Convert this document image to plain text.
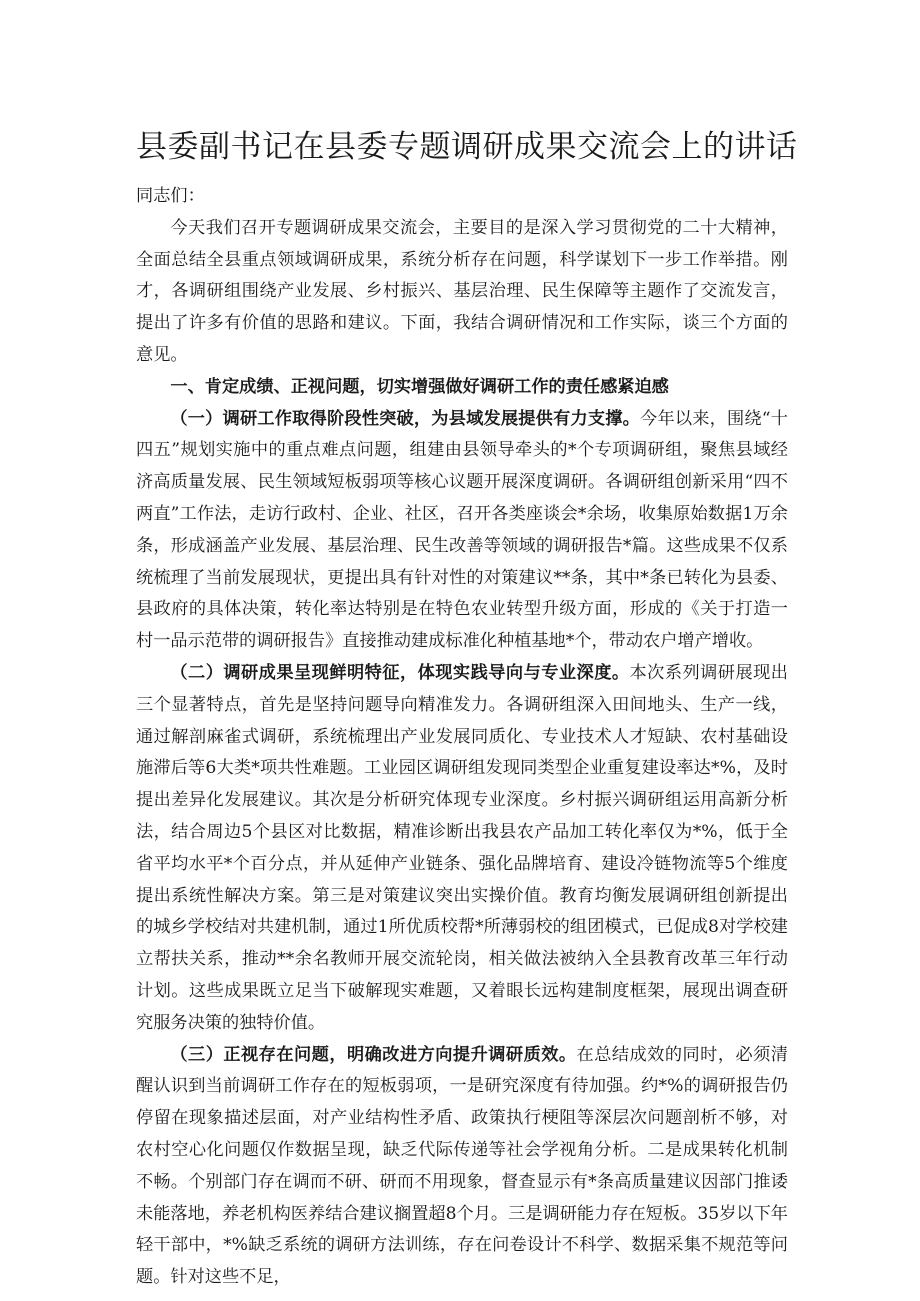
县委副书记在县委专题调研成果交流会上的讲话

同志们：

今天我们召开专题调研成果交流会，主要目的是深入学习贯彻党的二十大精神，全面总结全县重点领域调研成果，系统分析存在问题，科学谋划下一步工作举措。刚才，各调研组围绕产业发展、乡村振兴、基层治理、民生保障等主题作了交流发言，提出了许多有价值的思路和建议。下面，我结合调研情况和工作实际，谈三个方面的意见。

一、肯定成绩、正视问题，切实增强做好调研工作的责任感紧迫感

（一）调研工作取得阶段性突破，为县域发展提供有力支撑。今年以来，围绕“十四五”规划实施中的重点难点问题，组建由县领导牵头的*个专项调研组，聚焦县域经济高质量发展、民生领域短板弱项等核心议题开展深度调研。各调研组创新采用“四不两直”工作法，走访行政村、企业、社区，召开各类座谈会*余场，收集原始数据1万余条，形成涵盖产业发展、基层治理、民生改善等领域的调研报告*篇。这些成果不仅系统梳理了当前发展现状，更提出具有针对性的对策建议**条，其中*条已转化为县委、县政府的具体决策，转化率达特别是在特色农业转型升级方面，形成的《关于打造一村一品示范带的调研报告》直接推动建成标准化种植基地*个，带动农户增产增收。

（二）调研成果呈现鲜明特征，体现实践导向与专业深度。本次系列调研展现出三个显著特点，首先是坚持问题导向精准发力。各调研组深入田间地头、生产一线，通过解剖麻雀式调研，系统梳理出产业发展同质化、专业技术人才短缺、农村基础设施滞后等6大类*项共性难题。工业园区调研组发现同类型企业重复建设率达*%，及时提出差异化发展建议。其次是分析研究体现专业深度。乡村振兴调研组运用高新分析法，结合周边5个县区对比数据，精准诊断出我县农产品加工转化率仅为*%，低于全省平均水平*个百分点，并从延伸产业链条、强化品牌培育、建设冷链物流等5个维度提出系统性解决方案。第三是对策建议突出实操价值。教育均衡发展调研组创新提出的城乡学校结对共建机制，通过1所优质校帮*所薄弱校的组团模式，已促成8对学校建立帮扶关系，推动**余名教师开展交流轮岗，相关做法被纳入全县教育改革三年行动计划。这些成果既立足当下破解现实难题，又着眼长远构建制度框架，展现出调查研究服务决策的独特价值。

（三）正视存在问题，明确改进方向提升调研质效。在总结成效的同时，必须清醒认识到当前调研工作存在的短板弱项，一是研究深度有待加强。约*%的调研报告仍停留在现象描述层面，对产业结构性矛盾、政策执行梗阻等深层次问题剖析不够，对农村空心化问题仅作数据呈现，缺乏代际传递等社会学视角分析。二是成果转化机制不畅。个别部门存在调而不研、研而不用现象，督查显示有*条高质量建议因部门推诿未能落地，养老机构医养结合建议搁置超8个月。三是调研能力存在短板。35岁以下年轻干部中，*%缺乏系统的调研方法训练，存在问卷设计不科学、数据采集不规范等问题。针对这些不足，
